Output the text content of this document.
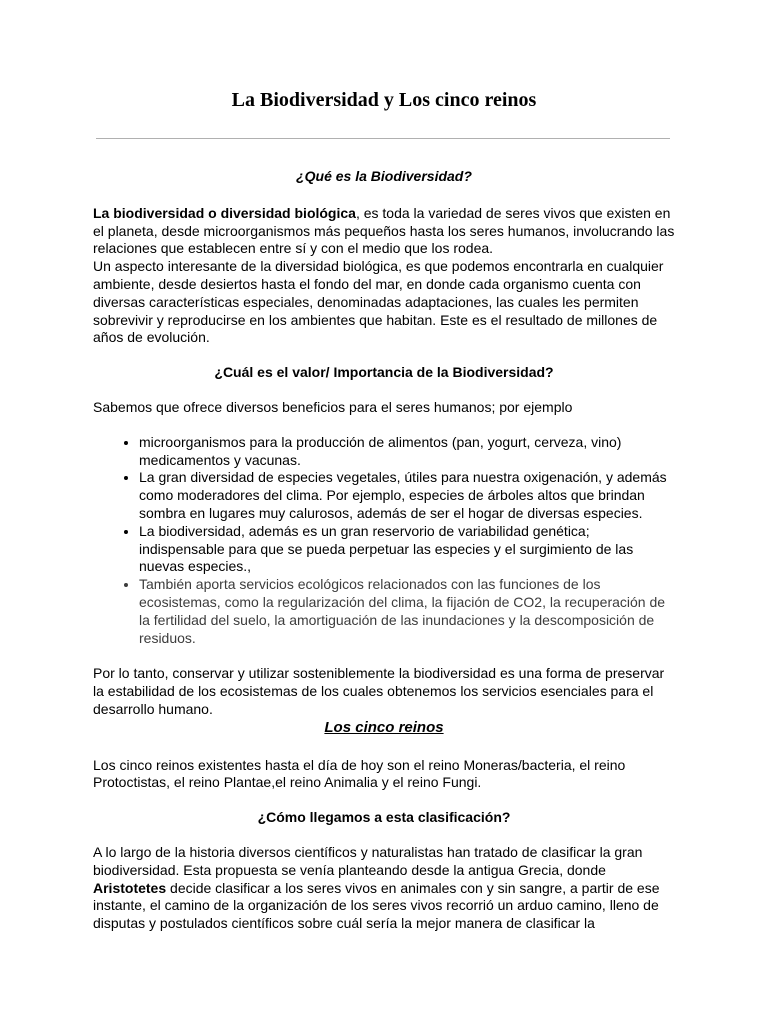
La Biodiversidad y Los cinco reinos

¿Qué es la Biodiversidad?

La biodiversidad o diversidad biológica, es toda la variedad de seres vivos que existen en el planeta, desde microorganismos más pequeños hasta los seres humanos, involucrando las relaciones que establecen entre sí y con el medio que los rodea.

Un aspecto interesante de la diversidad biológica, es que podemos encontrarla en cualquier ambiente, desde desiertos hasta el fondo del mar, en donde cada organismo cuenta con diversas características especiales, denominadas adaptaciones, las cuales les permiten sobrevivir y reproducirse en los ambientes que habitan. Este es el resultado de millones de años de evolución.

¿Cuál es el valor/ Importancia de la Biodiversidad?

Sabemos que ofrece diversos beneficios para el seres humanos; por ejemplo

• microorganismos para la producción de alimentos (pan, yogurt, cerveza, vino) medicamentos y vacunas.
• La gran diversidad de especies vegetales, útiles para nuestra oxigenación, y además como moderadores del clima. Por ejemplo, especies de árboles altos que brindan sombra en lugares muy calurosos, además de ser el hogar de diversas especies.
• La biodiversidad, además es un gran reservorio de variabilidad genética; indispensable para que se pueda perpetuar las especies y el surgimiento de las nuevas especies.,
• También aporta servicios ecológicos relacionados con las funciones de los ecosistemas, como la regularización del clima, la fijación de CO2, la recuperación de la fertilidad del suelo, la amortiguación de las inundaciones y la descomposición de residuos.

Por lo tanto, conservar y utilizar sosteniblemente la biodiversidad es una forma de preservar la estabilidad de los ecosistemas de los cuales obtenemos los servicios esenciales para el desarrollo humano.

Los cinco reinos

Los cinco reinos existentes hasta el día de hoy son el reino Moneras/bacteria, el reino Protoctistas, el reino Plantae,el reino Animalia y el reino Fungi.

¿Cómo llegamos a esta clasificación?

A lo largo de la historia diversos científicos y naturalistas han tratado de clasificar la gran biodiversidad. Esta propuesta se venía planteando desde la antigua Grecia, donde Aristotetes decide clasificar a los seres vivos en animales con y sin sangre, a partir de ese instante, el camino de la organización de los seres vivos recorrió un arduo camino, lleno de disputas y postulados científicos sobre cuál sería la mejor manera de clasificar la
